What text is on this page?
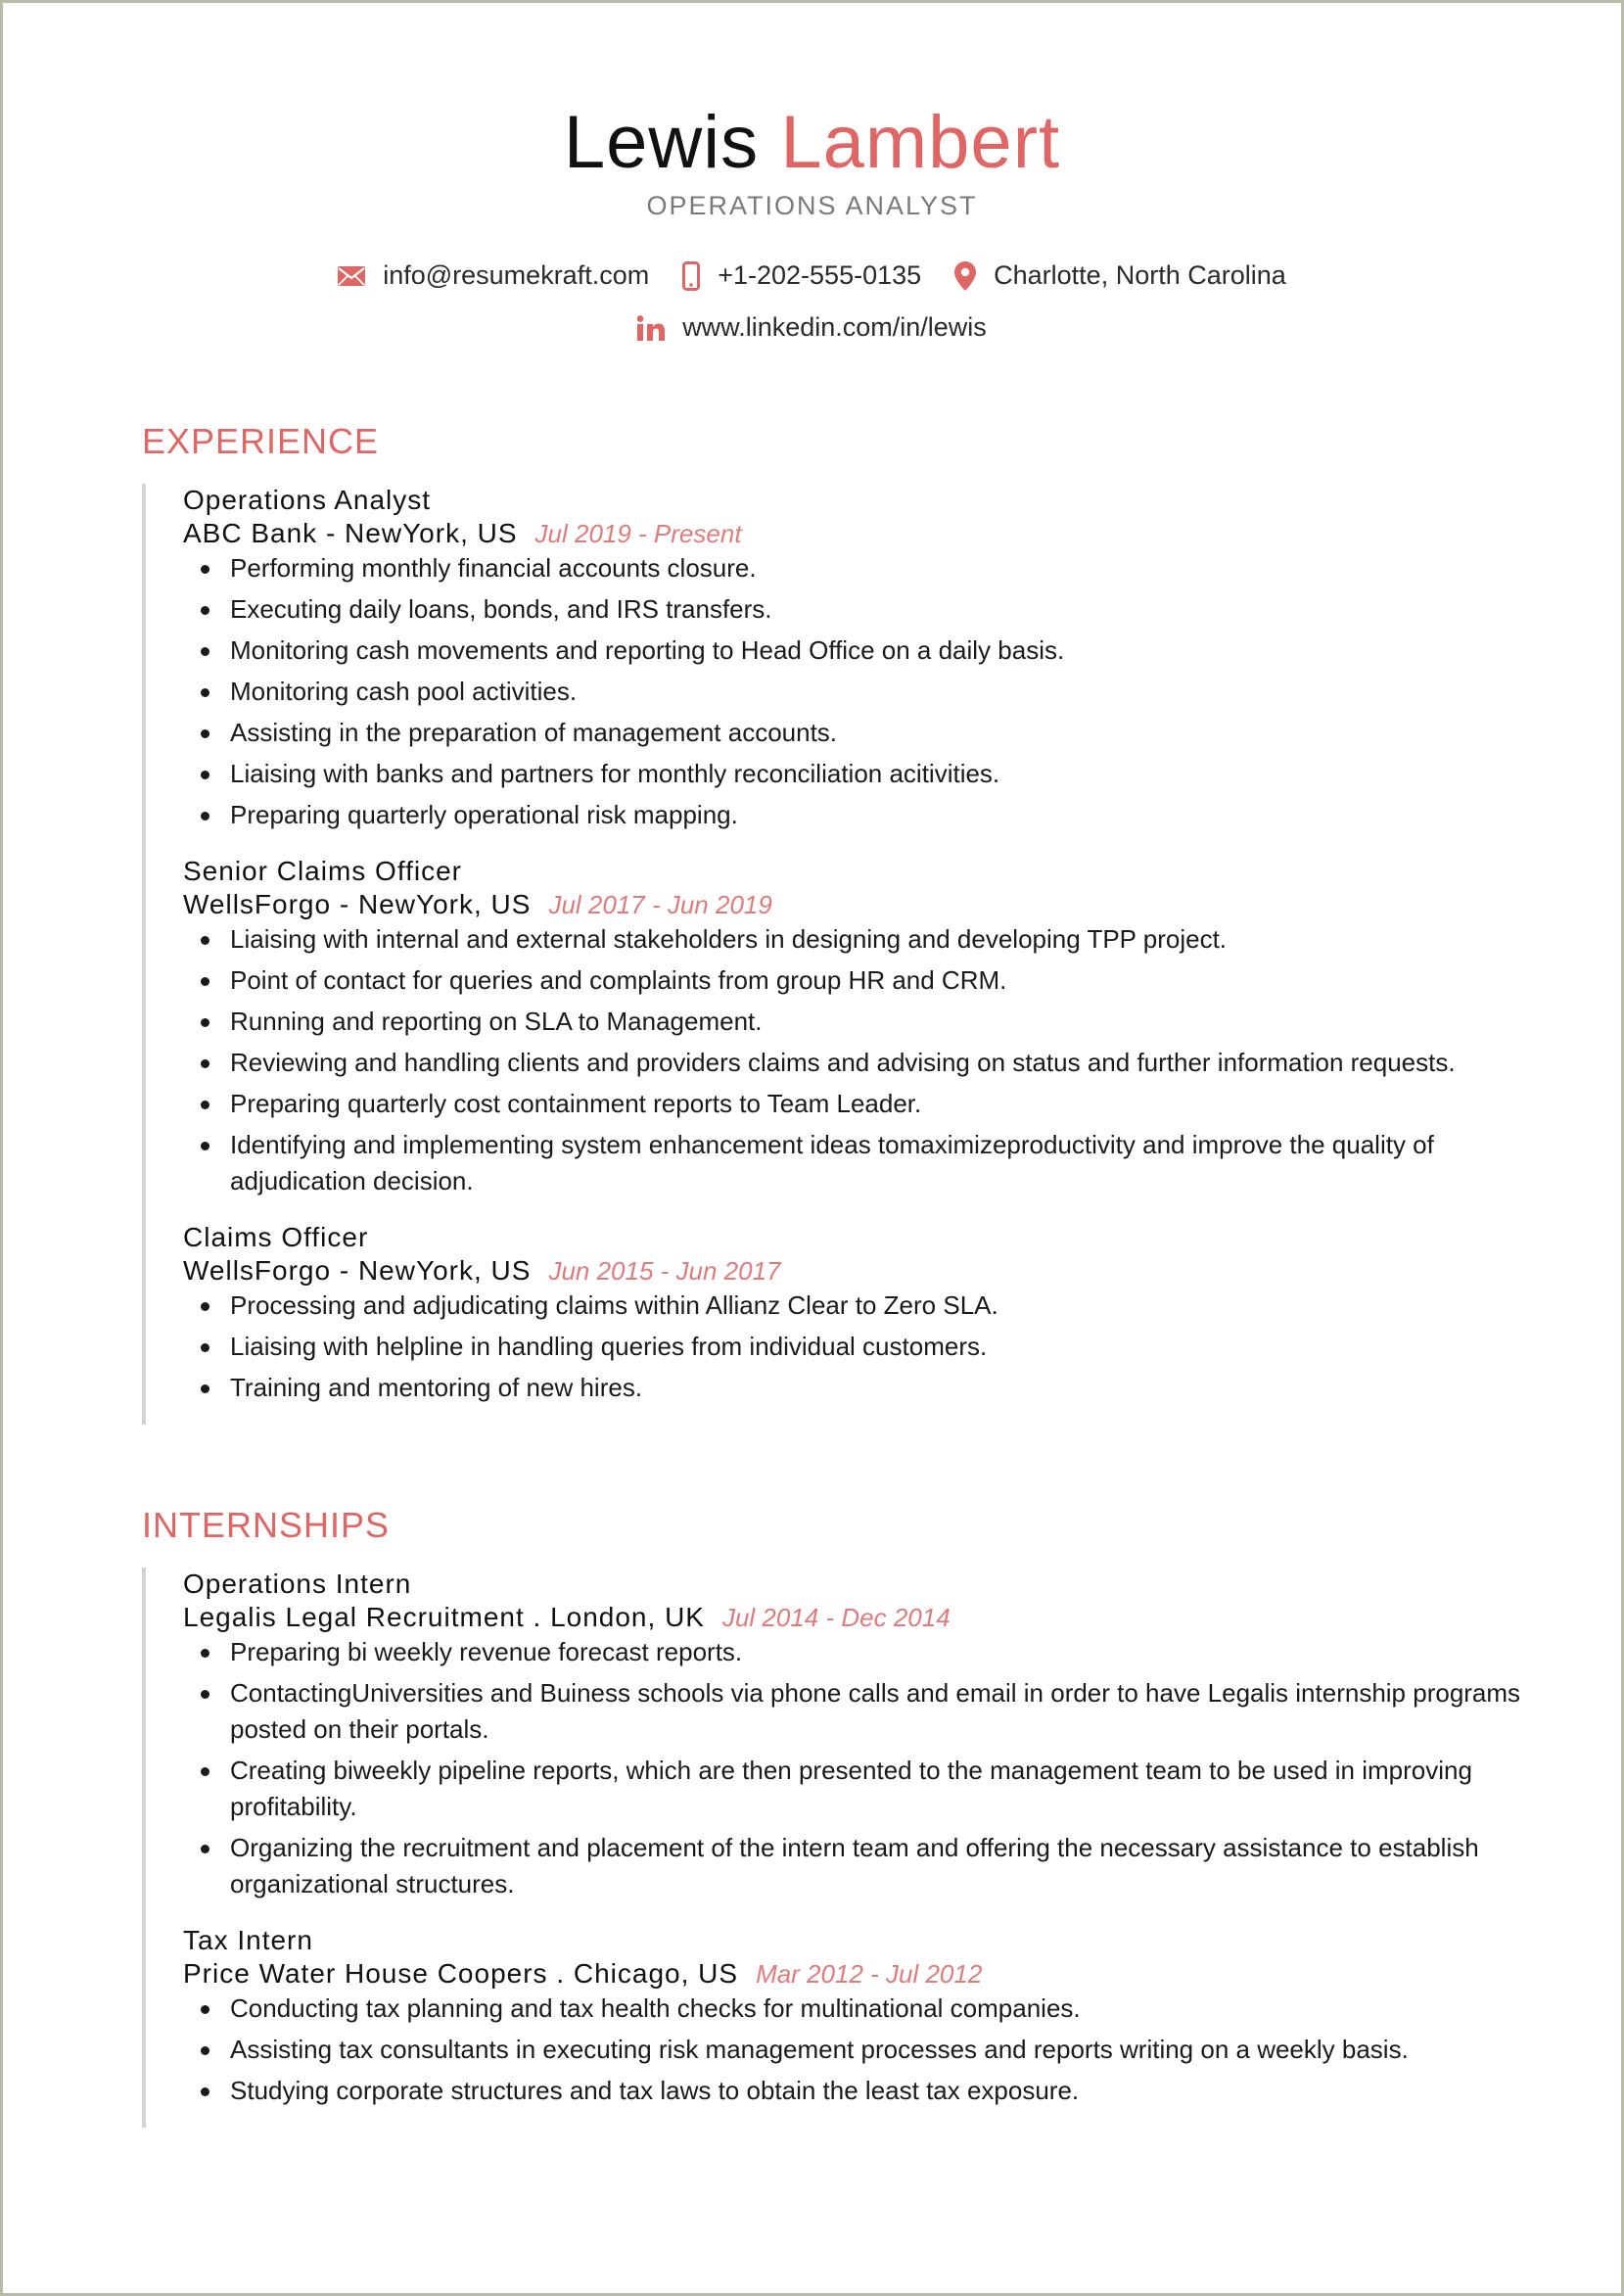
Lewis Lambert
OPERATIONS ANALYST
info@resumekraft.com	+1-202-555-0135	Charlotte, North Carolina
www.linkedin.com/in/lewis
EXPERIENCE
Operations Analyst
ABC Bank - NewYork, US Jul 2019 - Present
Performing monthly financial accounts closure.
Executing daily loans, bonds, and IRS transfers.
Monitoring cash movements and reporting to Head Office on a daily basis.
Monitoring cash pool activities.
Assisting in the preparation of management accounts.
Liaising with banks and partners for monthly reconciliation acitivities.
Preparing quarterly operational risk mapping.
Senior Claims Officer
WellsForgo - NewYork, US Jul 2017 - Jun 2019
Liaising with internal and external stakeholders in designing and developing TPP project.
Point of contact for queries and complaints from group HR and CRM.
Running and reporting on SLA to Management.
Reviewing and handling clients and providers claims and advising on status and further information requests.
Preparing quarterly cost containment reports to Team Leader.
Identifying and implementing system enhancement ideas tomaximizeproductivity and improve the quality of adjudication decision.
Claims Officer
WellsForgo - NewYork, US Jun 2015 - Jun 2017
Processing and adjudicating claims within Allianz Clear to Zero SLA.
Liaising with helpline in handling queries from individual customers.
Training and mentoring of new hires.
INTERNSHIPS
Operations Intern
Legalis Legal Recruitment . London, UK Jul 2014 - Dec 2014
Preparing bi weekly revenue forecast reports.
ContactingUniversities and Buiness schools via phone calls and email in order to have Legalis internship programs posted on their portals.
Creating biweekly pipeline reports, which are then presented to the management team to be used in improving profitability.
Organizing the recruitment and placement of the intern team and offering the necessary assistance to establish organizational structures.
Tax Intern
Price Water House Coopers . Chicago, US Mar 2012 - Jul 2012
Conducting tax planning and tax health checks for multinational companies.
Assisting tax consultants in executing risk management processes and reports writing on a weekly basis.
Studying corporate structures and tax laws to obtain the least tax exposure.
